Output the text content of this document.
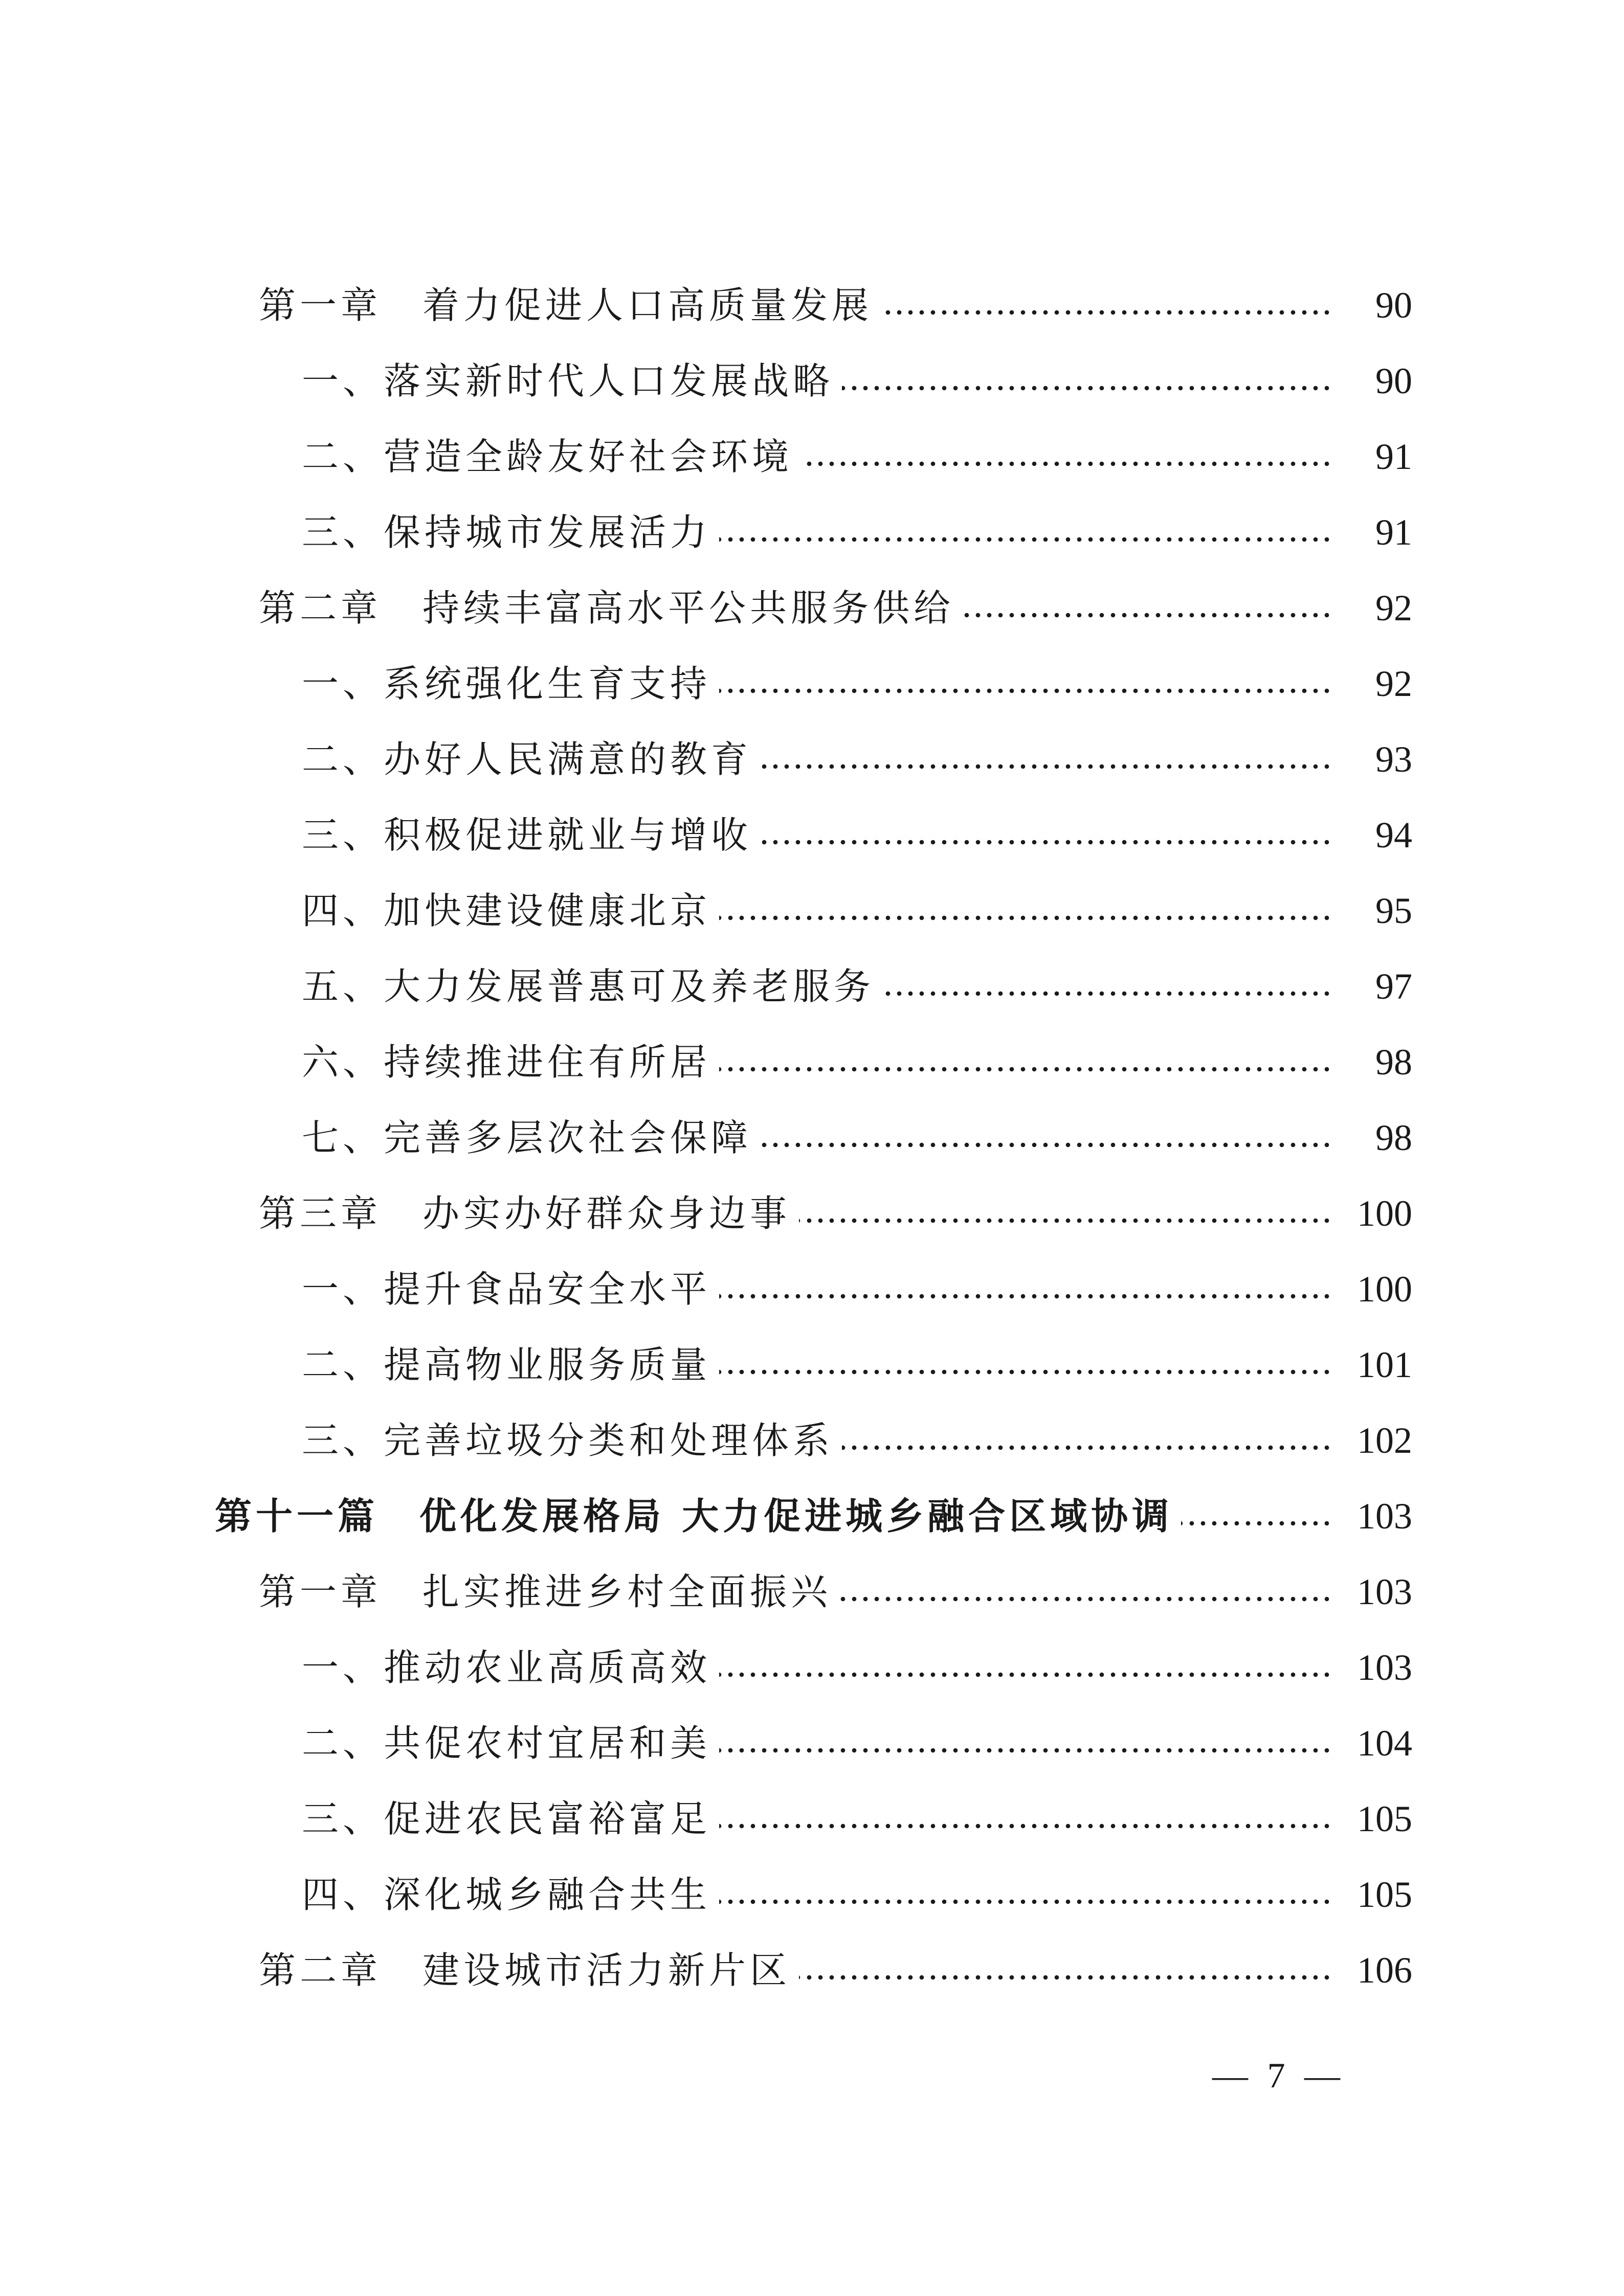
第一章　着力促进人口高质量发展	90
一、落实新时代人口发展战略	90
二、营造全龄友好社会环境	91
三、保持城市发展活力	91
第二章　持续丰富高水平公共服务供给	92
一、系统强化生育支持	92
二、办好人民满意的教育	93
三、积极促进就业与增收	94
四、加快建设健康北京	95
五、大力发展普惠可及养老服务	97
六、持续推进住有所居	98
七、完善多层次社会保障	98
第三章　办实办好群众身边事	100
一、提升食品安全水平	100
二、提高物业服务质量	101
三、完善垃圾分类和处理体系	102
第十一篇　优化发展格局 大力促进城乡融合区域协调	103
第一章　扎实推进乡村全面振兴	103
一、推动农业高质高效	103
二、共促农村宜居和美	104
三、促进农民富裕富足	105
四、深化城乡融合共生	105
第二章　建设城市活力新片区	106
— 7 —
